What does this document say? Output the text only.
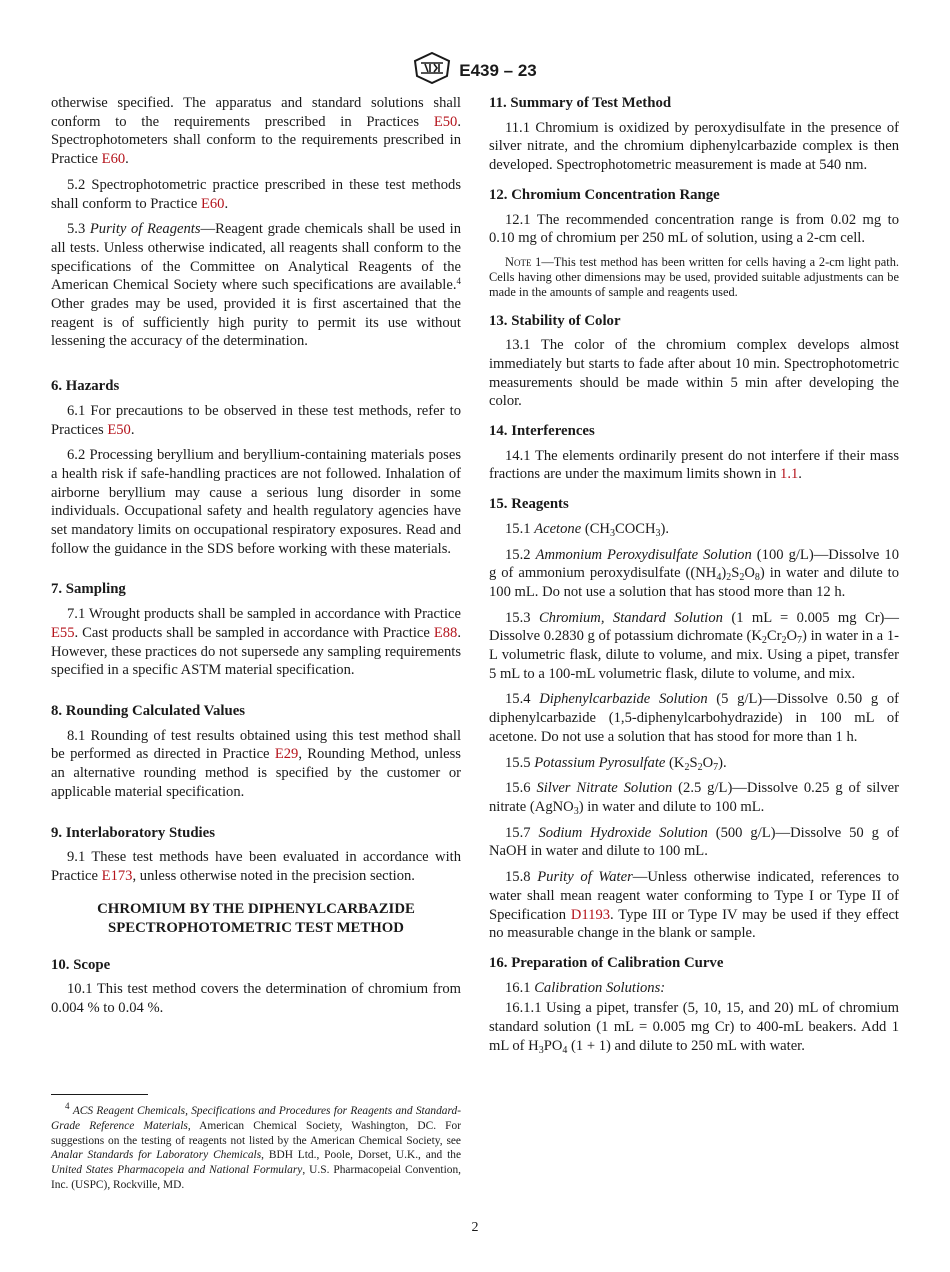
E439 – 23

otherwise specified. The apparatus and standard solutions shall conform to the requirements prescribed in Practices E50. Spectrophotometers shall conform to the requirements prescribed in Practice E60.

5.2 Spectrophotometric practice prescribed in these test methods shall conform to Practice E60.

5.3 Purity of Reagents—Reagent grade chemicals shall be used in all tests. Unless otherwise indicated, all reagents shall conform to the specifications of the Committee on Analytical Reagents of the American Chemical Society where such specifications are available.$^4$ Other grades may be used, provided it is first ascertained that the reagent is of sufficiently high purity to permit its use without lessening the accuracy of the determination.

6. Hazards

6.1 For precautions to be observed in these test methods, refer to Practices E50.

6.2 Processing beryllium and beryllium-containing materials poses a health risk if safe-handling practices are not followed. Inhalation of airborne beryllium may cause a serious lung disorder in some individuals. Occupational safety and health regulatory agencies have set mandatory limits on occupational respiratory exposures. Read and follow the guidance in the SDS before working with these materials.

7. Sampling

7.1 Wrought products shall be sampled in accordance with Practice E55. Cast products shall be sampled in accordance with Practice E88. However, these practices do not supersede any sampling requirements specified in a specific ASTM material specification.

8. Rounding Calculated Values

8.1 Rounding of test results obtained using this test method shall be performed as directed in Practice E29, Rounding Method, unless an alternative rounding method is specified by the customer or applicable material specification.

9. Interlaboratory Studies

9.1 These test methods have been evaluated in accordance with Practice E173, unless otherwise noted in the precision section.

CHROMIUM BY THE DIPHENYLCARBAZIDE
SPECTROPHOTOMETRIC TEST METHOD
10. Scope

10.1 This test method covers the determination of chromium from 0.004 % to 0.04 %.

$^4$ ACS Reagent Chemicals, Specifications and Procedures for Reagents and Standard-Grade Reference Materials, American Chemical Society, Washington, DC. For suggestions on the testing of reagents not listed by the American Chemical Society, see Analar Standards for Laboratory Chemicals, BDH Ltd., Poole, Dorset, U.K., and the United States Pharmacopeia and National Formulary, U.S. Pharmacopeial Convention, Inc. (USPC), Rockville, MD.
11. Summary of Test Method

11.1 Chromium is oxidized by peroxydisulfate in the presence of silver nitrate, and the chromium diphenylcarbazide complex is then developed. Spectrophotometric measurement is made at 540 nm.

12. Chromium Concentration Range

12.1 The recommended concentration range is from 0.02 mg to 0.10 mg of chromium per 250 mL of solution, using a 2-cm cell.

Note 1—This test method has been written for cells having a 2-cm light path. Cells having other dimensions may be used, provided suitable adjustments can be made in the amounts of sample and reagents used.
13. Stability of Color

13.1 The color of the chromium complex develops almost immediately but starts to fade after about 10 min. Spectrophotometric measurements should be made within 5 min after developing the color.

14. Interferences

14.1 The elements ordinarily present do not interfere if their mass fractions are under the maximum limits shown in 1.1.

15. Reagents

15.1 Acetone $(CH_3COCH_3)$.

15.2 Ammonium Peroxydisulfate Solution (100 g/L)—Dissolve 10 g of ammonium peroxydisulfate $((NH_4)_2S_2O_8)$ in water and dilute to 100 mL. Do not use a solution that has stood more than 12 h.

15.3 Chromium, Standard Solution (1 mL = 0.005 mg Cr)—Dissolve 0.2830 g of potassium dichromate $(K_2Cr_2O_7)$ in water in a 1-L volumetric flask, dilute to volume, and mix. Using a pipet, transfer 5 mL to a 100-mL volumetric flask, dilute to volume, and mix.

15.4 Diphenylcarbazide Solution (5 g/L)—Dissolve 0.50 g of diphenylcarbazide (1,5-diphenylcarbohydrazide) in 100 mL of acetone. Do not use a solution that has stood for more than 1 h.

15.5 Potassium Pyrosulfate $(K_2S_2O_7)$.

15.6 Silver Nitrate Solution (2.5 g/L)—Dissolve 0.25 g of silver nitrate (AgNO$_3$) in water and dilute to 100 mL.

15.7 Sodium Hydroxide Solution (500 g/L)—Dissolve 50 g of NaOH in water and dilute to 100 mL.

15.8 Purity of Water—Unless otherwise indicated, references to water shall mean reagent water conforming to Type I or Type II of Specification D1193. Type III or Type IV may be used if they effect no measurable change in the blank or sample.

16. Preparation of Calibration Curve

16.1 Calibration Solutions:

16.1.1 Using a pipet, transfer (5, 10, 15, and 20) mL of chromium standard solution (1 mL = 0.005 mg Cr) to 400-mL beakers. Add 1 mL of $H_3PO_4$ (1 + 1) and dilute to 250 mL with water.

2
